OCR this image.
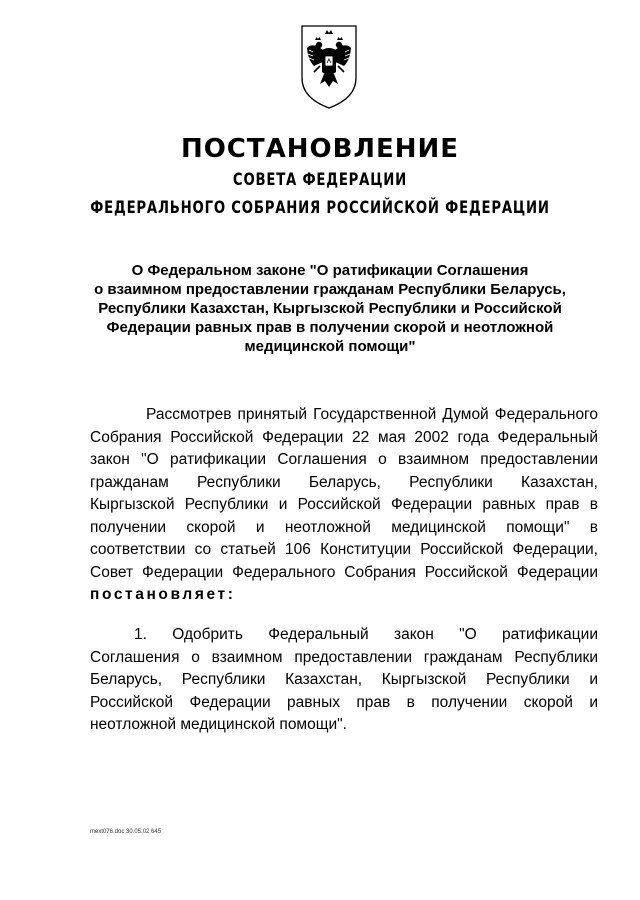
ПОСТАНОВЛЕНИЕ
СОВЕТА ФЕДЕРАЦИИ
ФЕДЕРАЛЬНОГО СОБРАНИЯ РОССИЙСКОЙ ФЕДЕРАЦИИ
О Федеральном законе "О ратификации Соглашения
о взаимном предоставлении гражданам Республики Беларусь,
Республики Казахстан, Кыргызской Республики и Российской
Федерации равных прав в получении скорой и неотложной
медицинской помощи"
Рассмотрев принятый Государственной Думой Федерального
Собрания Российской Федерации 22 мая 2002 года Федеральный
закон "О ратификации Соглашения о взаимном предоставлении
гражданам Республики Беларусь, Республики Казахстан,
Кыргызской Республики и Российской Федерации равных прав в
получении скорой и неотложной медицинской помощи" в
соответствии со статьей 106 Конституции Российской Федерации,
Совет Федерации Федерального Собрания Российской Федерации
постановляет:
1. Одобрить Федеральный закон "О ратификации
Соглашения о взаимном предоставлении гражданам Республики
Беларусь, Республики Казахстан, Кыргызской Республики и
Российской Федерации равных прав в получении скорой и
неотложной медицинской помощи".
mext076.doc 30.05.02 645
